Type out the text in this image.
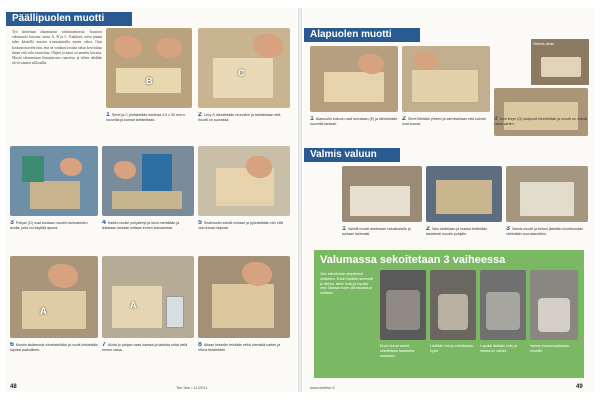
Päällipuolen muotti
Työ aloitetaan altaamuotin valmistamisesta. Joustava valumuotti koostuu osista A, B ja C. Kaikkien osien pinnat tulee käsitellä muotin irrotusaineella ennen valua. Osat kootaan ruuvein niin, että ne voidaan irrottaa valun kovetuttua ilman että valu vaurioituu. Ohjeet ja mitat on annettu kuvissa. Muotti rakennetaan liimattavasta vanerista ja siihen tehdään tiiviit saumat silikonilla.
B
C
1 Sirret ja C yhdistetään toisiinsa 3,5 x 30 mm:n ruuveilla ja kulmat tarkistetaan.
2 Levy D kiinnitetään reunoihin ja tarkistetaan että muotti on suorassa.
3 Pohjan (D) osat kootaan ruuvein kulmatukien avulla, joita voi käyttää apuna.
4 Kaikki muotin pohjalevyt ja sivut merkitään ja leikataan tarkasti mittaan ennen kokoamista.
5 Sisämuotin seinät hiotaan ja pyöristetään niin että valu irtoaa helposti.
A
A
6 Muotin sisäreunat viimeistellään ja ruuvit kiristetään lopuksi paikoilleen.
7 Aloita jo pohjan osan kanssa ja tarkista mitat vielä ennen valua.
8 Altaan keskelle tehdään reikä viemäriä varten ja reuna tiivistetään.
48	Tee Itse • 11/2011
Alapuolen muotti
Valmis allas
1 Alamuotin kokoon osat kerrataan (E) ja kiinnitetään ruuveilla tarkasti.
2 Sirret liitetään yhteen ja varmistetaan että kulmat ovat suorat.
3 Ison levyn (G) sisäpuoli kiinnitetään ja muotti on valmis valua varten.
Valmis valuun
1 Valmiit muotit asetetaan valualustalle ja tuetaan tukevasti.
2 Valu aloitetaan ja massa levitetään tasaisesti muotin pohjalle.
3 Valmis muotti ja betoni jätetään kovettumaan vähintään vuorokaudeksi.
49
www.teeitse.fi
Valumassa sekoitetaan 3 vaiheessa
Valu sekoitetaan ämpärissä vähitellen. Ensin lisätään sementti ja hiekka, sitten kuitu ja lopuksi vesi. Massan tulee olla tasaista ja notkeaa.
Ensin kuivat aineet sekoitetaan tasaiseksi massaksi.
Lisätään vesi ja sekoitetaan hyvin.
Lopuksi lisätään kuitu ja massa on valmis.
Valmis massa kaadetaan muottiin.
